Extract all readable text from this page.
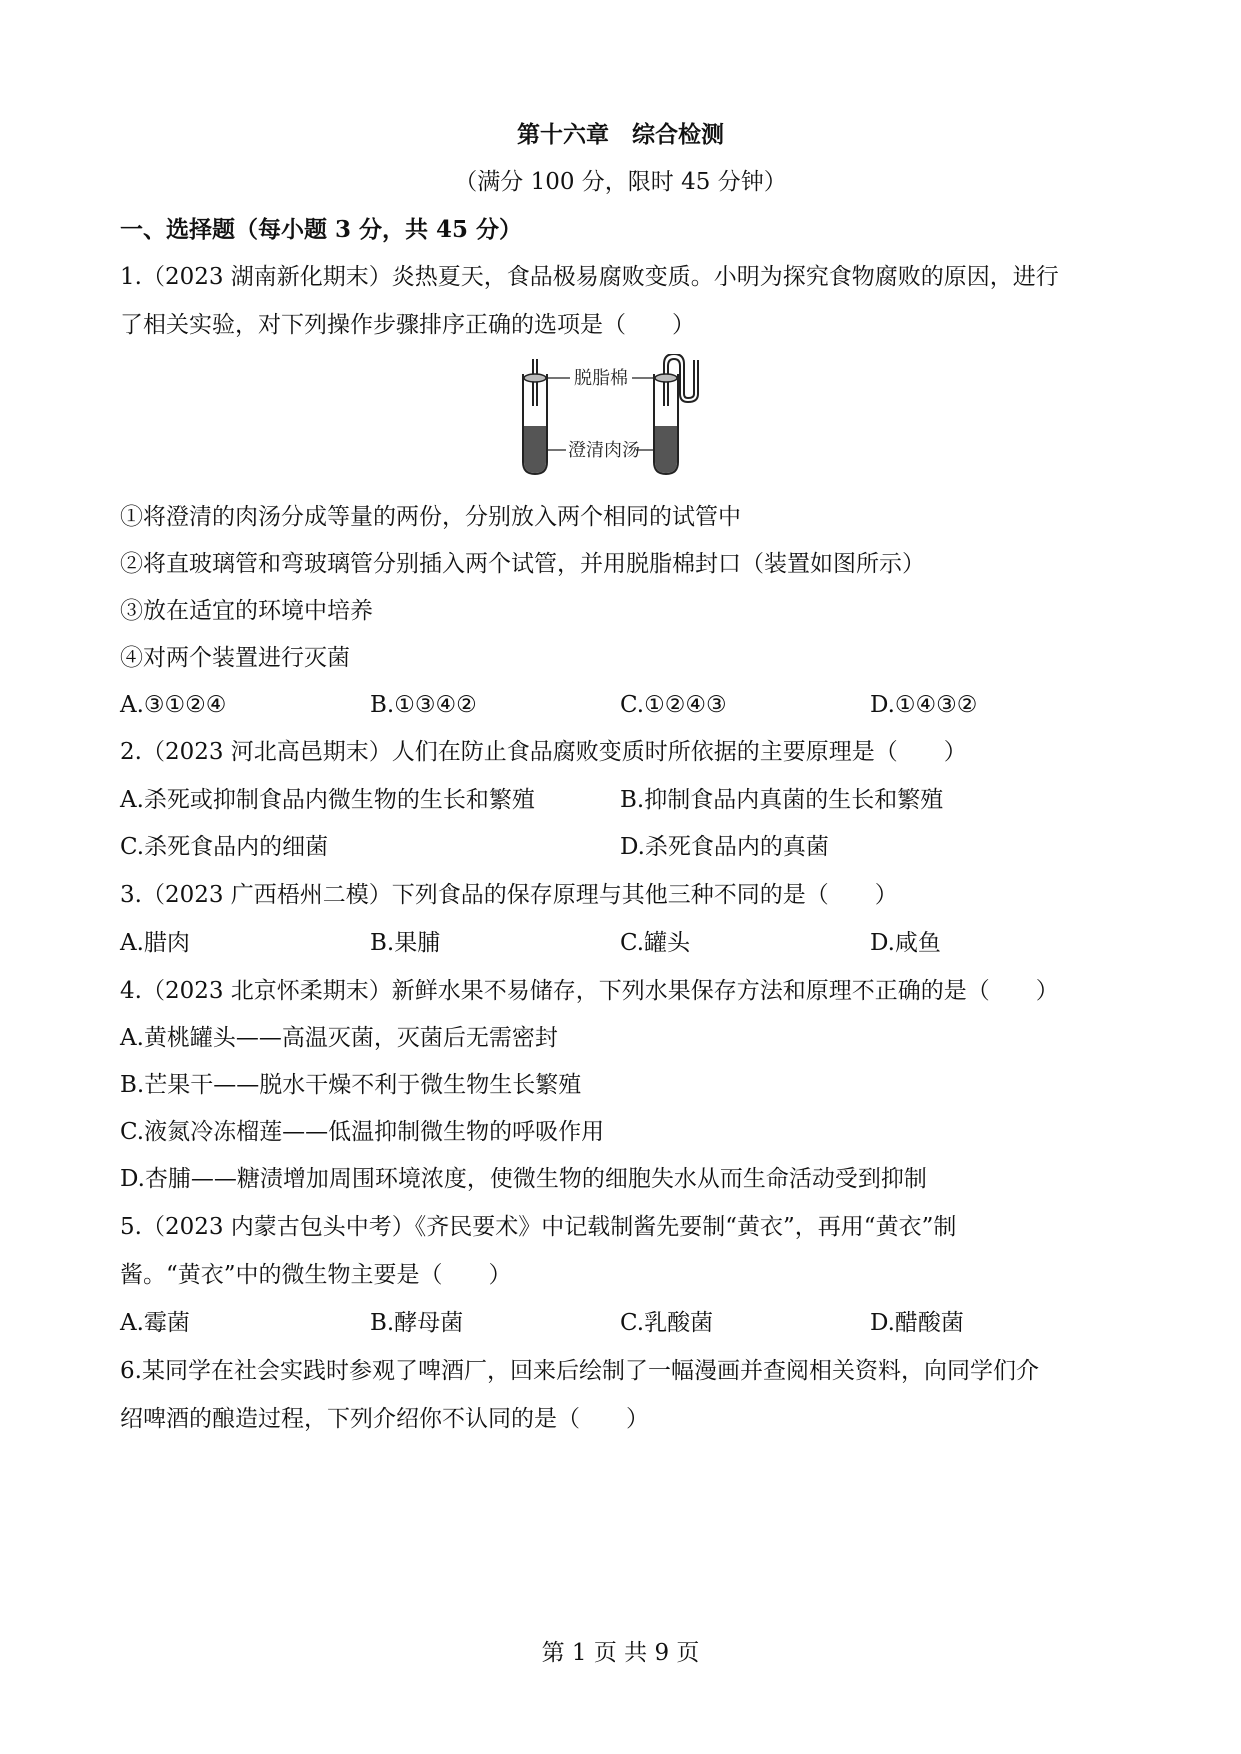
第十六章　综合检测
（满分 100 分，限时 45 分钟）
一、选择题（每小题 3 分，共 45 分）
1.（2023 湖南新化期末）炎热夏天，食品极易腐败变质。小明为探究食物腐败的原因，进行
了相关实验，对下列操作步骤排序正确的选项是（　　）
脱脂棉
澄清肉汤
①将澄清的肉汤分成等量的两份，分别放入两个相同的试管中
②将直玻璃管和弯玻璃管分别插入两个试管，并用脱脂棉封口（装置如图所示）
③放在适宜的环境中培养
④对两个装置进行灭菌
A.③①②④	B.①③④②	C.①②④③	D.①④③②
2.（2023 河北高邑期末）人们在防止食品腐败变质时所依据的主要原理是（　　）
A.杀死或抑制食品内微生物的生长和繁殖	B.抑制食品内真菌的生长和繁殖
C.杀死食品内的细菌	D.杀死食品内的真菌
3.（2023 广西梧州二模）下列食品的保存原理与其他三种不同的是（　　）
A.腊肉	B.果脯	C.罐头	D.咸鱼
4.（2023 北京怀柔期末）新鲜水果不易储存，下列水果保存方法和原理不正确的是（　　）
A.黄桃罐头——高温灭菌，灭菌后无需密封
B.芒果干——脱水干燥不利于微生物生长繁殖
C.液氮冷冻榴莲——低温抑制微生物的呼吸作用
D.杏脯——糖渍增加周围环境浓度，使微生物的细胞失水从而生命活动受到抑制
5.（2023 内蒙古包头中考）《齐民要术》中记载制酱先要制“黄衣”，再用“黄衣”制
酱。“黄衣”中的微生物主要是（　　）
A.霉菌	B.酵母菌	C.乳酸菌	D.醋酸菌
6.某同学在社会实践时参观了啤酒厂，回来后绘制了一幅漫画并查阅相关资料，向同学们介
绍啤酒的酿造过程，下列介绍你不认同的是（　　）
第 1 页 共 9 页
